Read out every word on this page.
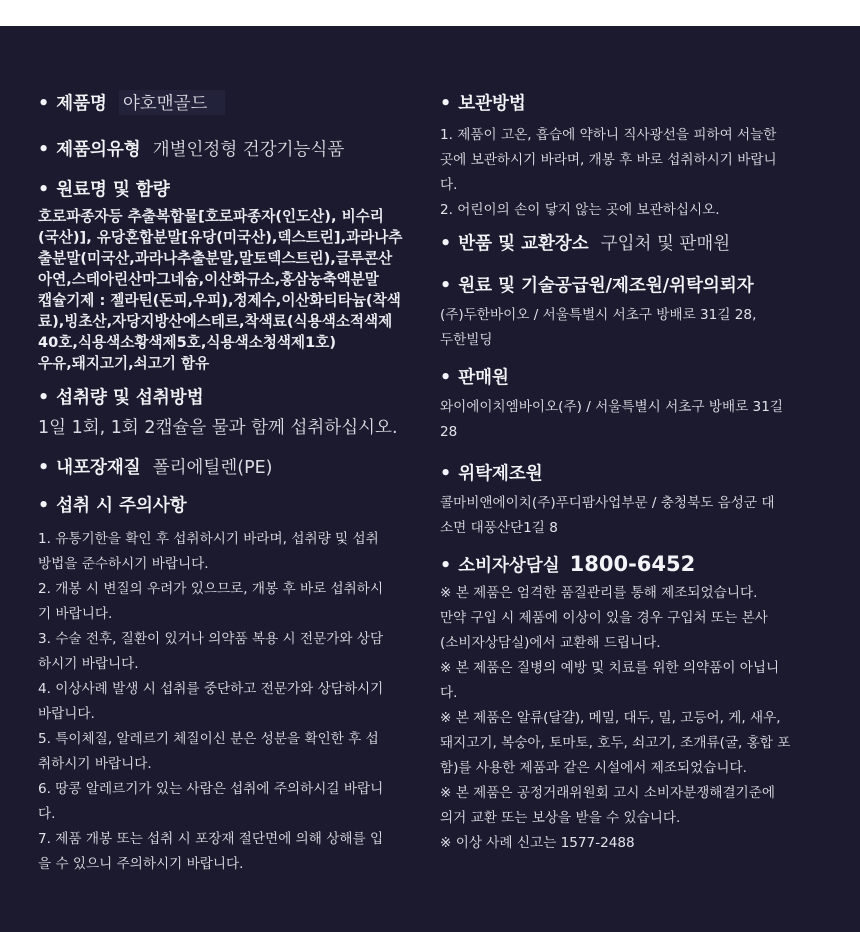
• 제품명 야호맨골드
• 제품의유형 개별인정형 건강기능식품
• 원료명 및 함량

호로파종자등 추출복합물[호로파종자(인도산), 비수리

(국산)], 유당혼합분말[유당(미국산),덱스트린],과라나추

출분말(미국산,과라나추출분말,말토덱스트린),글루콘산

아연,스테아린산마그네슘,이산화규소,홍삼농축액분말

캡슐기제 : 젤라틴(돈피,우피),정제수,이산화티타늄(착색

료),빙초산,자당지방산에스테르,착색료(식용색소적색제

40호,식용색소황색제5호,식용색소청색제1호)

우유,돼지고기,쇠고기 함유

• 섭취량 및 섭취방법
1일 1회, 1회 2캡슐을 물과 함께 섭취하십시오.
• 내포장재질 폴리에틸렌(PE)
• 섭취 시 주의사항

1. 유통기한을 확인 후 섭취하시기 바라며, 섭취량 및 섭취

방법을 준수하시기 바랍니다.

2. 개봉 시 변질의 우려가 있으므로, 개봉 후 바로 섭취하시

기 바랍니다.

3. 수술 전후, 질환이 있거나 의약품 복용 시 전문가와 상담

하시기 바랍니다.

4. 이상사례 발생 시 섭취를 중단하고 전문가와 상담하시기

바랍니다.

5. 특이체질, 알레르기 체질이신 분은 성분을 확인한 후 섭

취하시기 바랍니다.

6. 땅콩 알레르기가 있는 사람은 섭취에 주의하시길 바랍니

다.

7. 제품 개봉 또는 섭취 시 포장재 절단면에 의해 상해를 입

을 수 있으니 주의하시기 바랍니다.

• 보관방법

1. 제품이 고온, 흡습에 약하니 직사광선을 피하여 서늘한

곳에 보관하시기 바라며, 개봉 후 바로 섭취하시기 바랍니

다.

2. 어린이의 손이 닿지 않는 곳에 보관하십시오.

• 반품 및 교환장소 구입처 및 판매원
• 원료 및 기술공급원/제조원/위탁의뢰자

(주)두한바이오 / 서울특별시 서초구 방배로 31길 28,

두한빌딩

• 판매원

와이에이치엠바이오(주) / 서울특별시 서초구 방배로 31길

28

• 위탁제조원

콜마비앤에이치(주)푸디팜사업부문 / 충청북도 음성군 대

소면 대풍산단1길 8

• 소비자상담실 1800-6452

※ 본 제품은 엄격한 품질관리를 통해 제조되었습니다.

만약 구입 시 제품에 이상이 있을 경우 구입처 또는 본사

(소비자상담실)에서 교환해 드립니다.

※ 본 제품은 질병의 예방 및 치료를 위한 의약품이 아닙니

다.

※ 본 제품은 알류(달걀), 메밀, 대두, 밀, 고등어, 게, 새우,

돼지고기, 복숭아, 토마토, 호두, 쇠고기, 조개류(굴, 홍합 포

함)를 사용한 제품과 같은 시설에서 제조되었습니다.

※ 본 제품은 공정거래위원회 고시 소비자분쟁해결기준에

의거 교환 또는 보상을 받을 수 있습니다.

※ 이상 사례 신고는 1577-2488
